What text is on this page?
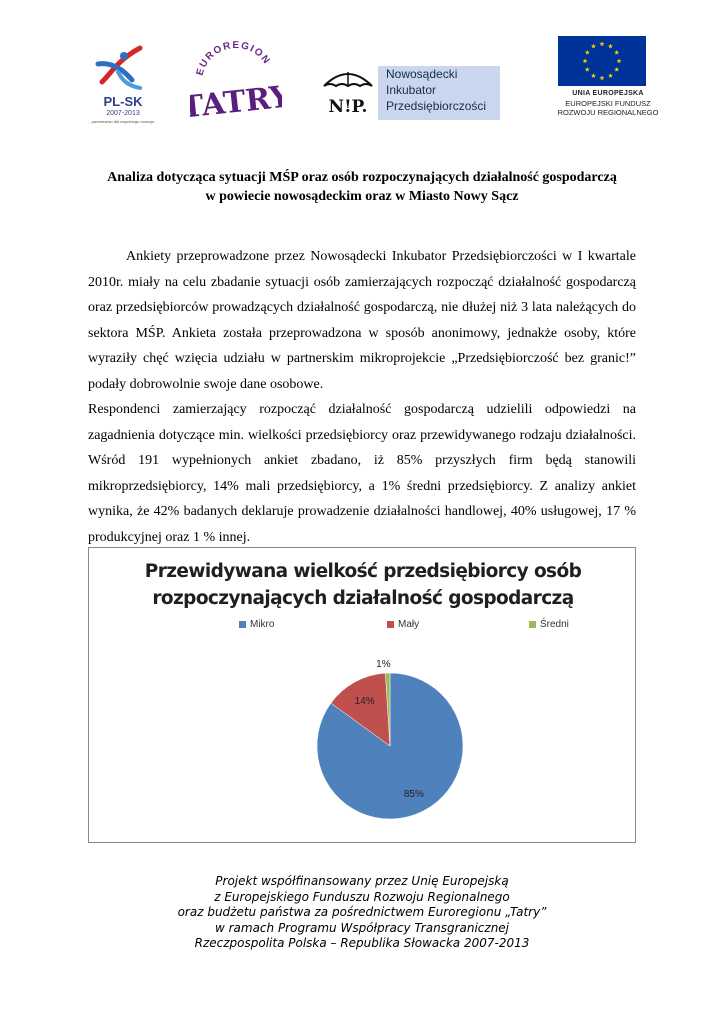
PL-SK
2007-2013
...partnerstwo dla wspólnego rozwoju...
EUROREGION
TATRY N!P.
Nowosądecki
Inkubator
Przedsiębiorczości
UNIA EUROPEJSKA
EUROPEJSKI FUNDUSZ
ROZWOJU REGIONALNEGO
Analiza dotycząca sytuacji MŚP oraz osób rozpoczynających działalność gospodarczą
w powiecie nowosądeckim oraz w Miasto Nowy Sącz

Ankiety przeprowadzone przez Nowosądecki Inkubator Przedsiębiorczości w I kwartale 2010r. miały na celu zbadanie sytuacji osób zamierzających rozpocząć działalność gospodarczą oraz przedsiębiorców prowadzących działalność gospodarczą, nie dłużej niż 3 lata należących do sektora MŚP. Ankieta została przeprowadzona w sposób anonimowy, jednakże osoby, które wyraziły chęć wzięcia udziału w partnerskim mikroprojekcie „Przedsiębiorczość bez granic!” podały dobrowolnie swoje dane osobowe.

Respondenci zamierzający rozpocząć działalność gospodarczą udzielili odpowiedzi na zagadnienia dotyczące min. wielkości przedsiębiorcy oraz przewidywanego rodzaju działalności. Wśród 191 wypełnionych ankiet zbadano, iż 85% przyszłych firm będą stanowili mikroprzedsiębiorcy, 14% mali przedsiębiorcy, a 1% średni przedsiębiorcy. Z analizy ankiet wynika, że 42% badanych deklaruje prowadzenie działalności handlowej, 40% usługowej, 17 % produkcyjnej oraz 1 % innej.

Przewidywana wielkość przedsiębiorcy osób
rozpoczynających działalność gospodarczą
Mikro	Mały	Średni
85%
14%
1%
Projekt współfinansowany przez Unię Europejską
z Europejskiego Funduszu Rozwoju Regionalnego
oraz budżetu państwa za pośrednictwem Euroregionu „Tatry”
w ramach Programu Współpracy Transgranicznej
Rzeczpospolita Polska – Republika Słowacka 2007-2013
